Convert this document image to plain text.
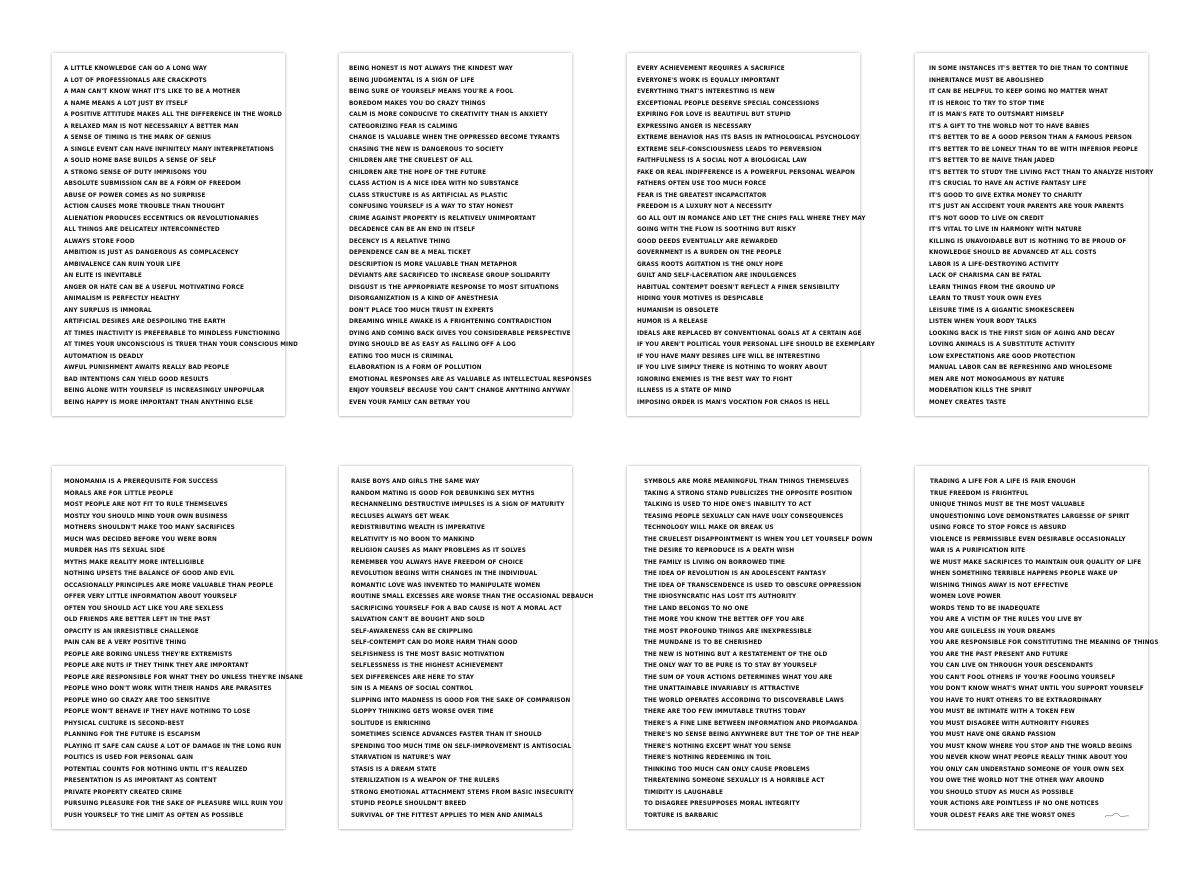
A LITTLE KNOWLEDGE CAN GO A LONG WAY
A LOT OF PROFESSIONALS ARE CRACKPOTS
A MAN CAN'T KNOW WHAT IT'S LIKE TO BE A MOTHER
A NAME MEANS A LOT JUST BY ITSELF
A POSITIVE ATTITUDE MAKES ALL THE DIFFERENCE IN THE WORLD
A RELAXED MAN IS NOT NECESSARILY A BETTER MAN
A SENSE OF TIMING IS THE MARK OF GENIUS
A SINGLE EVENT CAN HAVE INFINITELY MANY INTERPRETATIONS
A SOLID HOME BASE BUILDS A SENSE OF SELF
A STRONG SENSE OF DUTY IMPRISONS YOU
ABSOLUTE SUBMISSION CAN BE A FORM OF FREEDOM
ABUSE OF POWER COMES AS NO SURPRISE
ACTION CAUSES MORE TROUBLE THAN THOUGHT
ALIENATION PRODUCES ECCENTRICS OR REVOLUTIONARIES
ALL THINGS ARE DELICATELY INTERCONNECTED
ALWAYS STORE FOOD
AMBITION IS JUST AS DANGEROUS AS COMPLACENCY
AMBIVALENCE CAN RUIN YOUR LIFE
AN ELITE IS INEVITABLE
ANGER OR HATE CAN BE A USEFUL MOTIVATING FORCE
ANIMALISM IS PERFECTLY HEALTHY
ANY SURPLUS IS IMMORAL
ARTIFICIAL DESIRES ARE DESPOILING THE EARTH
AT TIMES INACTIVITY IS PREFERABLE TO MINDLESS FUNCTIONING
AT TIMES YOUR UNCONSCIOUS IS TRUER THAN YOUR CONSCIOUS MIND
AUTOMATION IS DEADLY
AWFUL PUNISHMENT AWAITS REALLY BAD PEOPLE
BAD INTENTIONS CAN YIELD GOOD RESULTS
BEING ALONE WITH YOURSELF IS INCREASINGLY UNPOPULAR
BEING HAPPY IS MORE IMPORTANT THAN ANYTHING ELSE
BEING HONEST IS NOT ALWAYS THE KINDEST WAY
BEING JUDGMENTAL IS A SIGN OF LIFE
BEING SURE OF YOURSELF MEANS YOU'RE A FOOL
BOREDOM MAKES YOU DO CRAZY THINGS
CALM IS MORE CONDUCIVE TO CREATIVITY THAN IS ANXIETY
CATEGORIZING FEAR IS CALMING
CHANGE IS VALUABLE WHEN THE OPPRESSED BECOME TYRANTS
CHASING THE NEW IS DANGEROUS TO SOCIETY
CHILDREN ARE THE CRUELEST OF ALL
CHILDREN ARE THE HOPE OF THE FUTURE
CLASS ACTION IS A NICE IDEA WITH NO SUBSTANCE
CLASS STRUCTURE IS AS ARTIFICIAL AS PLASTIC
CONFUSING YOURSELF IS A WAY TO STAY HONEST
CRIME AGAINST PROPERTY IS RELATIVELY UNIMPORTANT
DECADENCE CAN BE AN END IN ITSELF
DECENCY IS A RELATIVE THING
DEPENDENCE CAN BE A MEAL TICKET
DESCRIPTION IS MORE VALUABLE THAN METAPHOR
DEVIANTS ARE SACRIFICED TO INCREASE GROUP SOLIDARITY
DISGUST IS THE APPROPRIATE RESPONSE TO MOST SITUATIONS
DISORGANIZATION IS A KIND OF ANESTHESIA
DON'T PLACE TOO MUCH TRUST IN EXPERTS
DREAMING WHILE AWAKE IS A FRIGHTENING CONTRADICTION
DYING AND COMING BACK GIVES YOU CONSIDERABLE PERSPECTIVE
DYING SHOULD BE AS EASY AS FALLING OFF A LOG
EATING TOO MUCH IS CRIMINAL
ELABORATION IS A FORM OF POLLUTION
EMOTIONAL RESPONSES ARE AS VALUABLE AS INTELLECTUAL RESPONSES
ENJOY YOURSELF BECAUSE YOU CAN'T CHANGE ANYTHING ANYWAY
EVEN YOUR FAMILY CAN BETRAY YOU
EVERY ACHIEVEMENT REQUIRES A SACRIFICE
EVERYONE'S WORK IS EQUALLY IMPORTANT
EVERYTHING THAT'S INTERESTING IS NEW
EXCEPTIONAL PEOPLE DESERVE SPECIAL CONCESSIONS
EXPIRING FOR LOVE IS BEAUTIFUL BUT STUPID
EXPRESSING ANGER IS NECESSARY
EXTREME BEHAVIOR HAS ITS BASIS IN PATHOLOGICAL PSYCHOLOGY
EXTREME SELF-CONSCIOUSNESS LEADS TO PERVERSION
FAITHFULNESS IS A SOCIAL NOT A BIOLOGICAL LAW
FAKE OR REAL INDIFFERENCE IS A POWERFUL PERSONAL WEAPON
FATHERS OFTEN USE TOO MUCH FORCE
FEAR IS THE GREATEST INCAPACITATOR
FREEDOM IS A LUXURY NOT A NECESSITY
GO ALL OUT IN ROMANCE AND LET THE CHIPS FALL WHERE THEY MAY
GOING WITH THE FLOW IS SOOTHING BUT RISKY
GOOD DEEDS EVENTUALLY ARE REWARDED
GOVERNMENT IS A BURDEN ON THE PEOPLE
GRASS ROOTS AGITATION IS THE ONLY HOPE
GUILT AND SELF-LACERATION ARE INDULGENCES
HABITUAL CONTEMPT DOESN'T REFLECT A FINER SENSIBILITY
HIDING YOUR MOTIVES IS DESPICABLE
HUMANISM IS OBSOLETE
HUMOR IS A RELEASE
IDEALS ARE REPLACED BY CONVENTIONAL GOALS AT A CERTAIN AGE
IF YOU AREN'T POLITICAL YOUR PERSONAL LIFE SHOULD BE EXEMPLARY
IF YOU HAVE MANY DESIRES LIFE WILL BE INTERESTING
IF YOU LIVE SIMPLY THERE IS NOTHING TO WORRY ABOUT
IGNORING ENEMIES IS THE BEST WAY TO FIGHT
ILLNESS IS A STATE OF MIND
IMPOSING ORDER IS MAN'S VOCATION FOR CHAOS IS HELL
IN SOME INSTANCES IT'S BETTER TO DIE THAN TO CONTINUE
INHERITANCE MUST BE ABOLISHED
IT CAN BE HELPFUL TO KEEP GOING NO MATTER WHAT
IT IS HEROIC TO TRY TO STOP TIME
IT IS MAN'S FATE TO OUTSMART HIMSELF
IT'S A GIFT TO THE WORLD NOT TO HAVE BABIES
IT'S BETTER TO BE A GOOD PERSON THAN A FAMOUS PERSON
IT'S BETTER TO BE LONELY THAN TO BE WITH INFERIOR PEOPLE
IT'S BETTER TO BE NAIVE THAN JADED
IT'S BETTER TO STUDY THE LIVING FACT THAN TO ANALYZE HISTORY
IT'S CRUCIAL TO HAVE AN ACTIVE FANTASY LIFE
IT'S GOOD TO GIVE EXTRA MONEY TO CHARITY
IT'S JUST AN ACCIDENT YOUR PARENTS ARE YOUR PARENTS
IT'S NOT GOOD TO LIVE ON CREDIT
IT'S VITAL TO LIVE IN HARMONY WITH NATURE
KILLING IS UNAVOIDABLE BUT IS NOTHING TO BE PROUD OF
KNOWLEDGE SHOULD BE ADVANCED AT ALL COSTS
LABOR IS A LIFE-DESTROYING ACTIVITY
LACK OF CHARISMA CAN BE FATAL
LEARN THINGS FROM THE GROUND UP
LEARN TO TRUST YOUR OWN EYES
LEISURE TIME IS A GIGANTIC SMOKESCREEN
LISTEN WHEN YOUR BODY TALKS
LOOKING BACK IS THE FIRST SIGN OF AGING AND DECAY
LOVING ANIMALS IS A SUBSTITUTE ACTIVITY
LOW EXPECTATIONS ARE GOOD PROTECTION
MANUAL LABOR CAN BE REFRESHING AND WHOLESOME
MEN ARE NOT MONOGAMOUS BY NATURE
MODERATION KILLS THE SPIRIT
MONEY CREATES TASTE
MONOMANIA IS A PREREQUISITE FOR SUCCESS
MORALS ARE FOR LITTLE PEOPLE
MOST PEOPLE ARE NOT FIT TO RULE THEMSELVES
MOSTLY YOU SHOULD MIND YOUR OWN BUSINESS
MOTHERS SHOULDN'T MAKE TOO MANY SACRIFICES
MUCH WAS DECIDED BEFORE YOU WERE BORN
MURDER HAS ITS SEXUAL SIDE
MYTHS MAKE REALITY MORE INTELLIGIBLE
NOTHING UPSETS THE BALANCE OF GOOD AND EVIL
OCCASIONALLY PRINCIPLES ARE MORE VALUABLE THAN PEOPLE
OFFER VERY LITTLE INFORMATION ABOUT YOURSELF
OFTEN YOU SHOULD ACT LIKE YOU ARE SEXLESS
OLD FRIENDS ARE BETTER LEFT IN THE PAST
OPACITY IS AN IRRESISTIBLE CHALLENGE
PAIN CAN BE A VERY POSITIVE THING
PEOPLE ARE BORING UNLESS THEY'RE EXTREMISTS
PEOPLE ARE NUTS IF THEY THINK THEY ARE IMPORTANT
PEOPLE ARE RESPONSIBLE FOR WHAT THEY DO UNLESS THEY'RE INSANE
PEOPLE WHO DON'T WORK WITH THEIR HANDS ARE PARASITES
PEOPLE WHO GO CRAZY ARE TOO SENSITIVE
PEOPLE WON'T BEHAVE IF THEY HAVE NOTHING TO LOSE
PHYSICAL CULTURE IS SECOND-BEST
PLANNING FOR THE FUTURE IS ESCAPISM
PLAYING IT SAFE CAN CAUSE A LOT OF DAMAGE IN THE LONG RUN
POLITICS IS USED FOR PERSONAL GAIN
POTENTIAL COUNTS FOR NOTHING UNTIL IT'S REALIZED
PRESENTATION IS AS IMPORTANT AS CONTENT
PRIVATE PROPERTY CREATED CRIME
PURSUING PLEASURE FOR THE SAKE OF PLEASURE WILL RUIN YOU
PUSH YOURSELF TO THE LIMIT AS OFTEN AS POSSIBLE
RAISE BOYS AND GIRLS THE SAME WAY
RANDOM MATING IS GOOD FOR DEBUNKING SEX MYTHS
RECHANNELING DESTRUCTIVE IMPULSES IS A SIGN OF MATURITY
RECLUSES ALWAYS GET WEAK
REDISTRIBUTING WEALTH IS IMPERATIVE
RELATIVITY IS NO BOON TO MANKIND
RELIGION CAUSES AS MANY PROBLEMS AS IT SOLVES
REMEMBER YOU ALWAYS HAVE FREEDOM OF CHOICE
REVOLUTION BEGINS WITH CHANGES IN THE INDIVIDUAL
ROMANTIC LOVE WAS INVENTED TO MANIPULATE WOMEN
ROUTINE SMALL EXCESSES ARE WORSE THAN THE OCCASIONAL DEBAUCH
SACRIFICING YOURSELF FOR A BAD CAUSE IS NOT A MORAL ACT
SALVATION CAN'T BE BOUGHT AND SOLD
SELF-AWARENESS CAN BE CRIPPLING
SELF-CONTEMPT CAN DO MORE HARM THAN GOOD
SELFISHNESS IS THE MOST BASIC MOTIVATION
SELFLESSNESS IS THE HIGHEST ACHIEVEMENT
SEX DIFFERENCES ARE HERE TO STAY
SIN IS A MEANS OF SOCIAL CONTROL
SLIPPING INTO MADNESS IS GOOD FOR THE SAKE OF COMPARISON
SLOPPY THINKING GETS WORSE OVER TIME
SOLITUDE IS ENRICHING
SOMETIMES SCIENCE ADVANCES FASTER THAN IT SHOULD
SPENDING TOO MUCH TIME ON SELF-IMPROVEMENT IS ANTISOCIAL
STARVATION IS NATURE'S WAY
STASIS IS A DREAM STATE
STERILIZATION IS A WEAPON OF THE RULERS
STRONG EMOTIONAL ATTACHMENT STEMS FROM BASIC INSECURITY
STUPID PEOPLE SHOULDN'T BREED
SURVIVAL OF THE FITTEST APPLIES TO MEN AND ANIMALS
SYMBOLS ARE MORE MEANINGFUL THAN THINGS THEMSELVES
TAKING A STRONG STAND PUBLICIZES THE OPPOSITE POSITION
TALKING IS USED TO HIDE ONE'S INABILITY TO ACT
TEASING PEOPLE SEXUALLY CAN HAVE UGLY CONSEQUENCES
TECHNOLOGY WILL MAKE OR BREAK US
THE CRUELEST DISAPPOINTMENT IS WHEN YOU LET YOURSELF DOWN
THE DESIRE TO REPRODUCE IS A DEATH WISH
THE FAMILY IS LIVING ON BORROWED TIME
THE IDEA OF REVOLUTION IS AN ADOLESCENT FANTASY
THE IDEA OF TRANSCENDENCE IS USED TO OBSCURE OPPRESSION
THE IDIOSYNCRATIC HAS LOST ITS AUTHORITY
THE LAND BELONGS TO NO ONE
THE MORE YOU KNOW THE BETTER OFF YOU ARE
THE MOST PROFOUND THINGS ARE INEXPRESSIBLE
THE MUNDANE IS TO BE CHERISHED
THE NEW IS NOTHING BUT A RESTATEMENT OF THE OLD
THE ONLY WAY TO BE PURE IS TO STAY BY YOURSELF
THE SUM OF YOUR ACTIONS DETERMINES WHAT YOU ARE
THE UNATTAINABLE INVARIABLY IS ATTRACTIVE
THE WORLD OPERATES ACCORDING TO DISCOVERABLE LAWS
THERE ARE TOO FEW IMMUTABLE TRUTHS TODAY
THERE'S A FINE LINE BETWEEN INFORMATION AND PROPAGANDA
THERE'S NO SENSE BEING ANYWHERE BUT THE TOP OF THE HEAP
THERE'S NOTHING EXCEPT WHAT YOU SENSE
THERE'S NOTHING REDEEMING IN TOIL
THINKING TOO MUCH CAN ONLY CAUSE PROBLEMS
THREATENING SOMEONE SEXUALLY IS A HORRIBLE ACT
TIMIDITY IS LAUGHABLE
TO DISAGREE PRESUPPOSES MORAL INTEGRITY
TORTURE IS BARBARIC
TRADING A LIFE FOR A LIFE IS FAIR ENOUGH
TRUE FREEDOM IS FRIGHTFUL
UNIQUE THINGS MUST BE THE MOST VALUABLE
UNQUESTIONING LOVE DEMONSTRATES LARGESSE OF SPIRIT
USING FORCE TO STOP FORCE IS ABSURD
VIOLENCE IS PERMISSIBLE EVEN DESIRABLE OCCASIONALLY
WAR IS A PURIFICATION RITE
WE MUST MAKE SACRIFICES TO MAINTAIN OUR QUALITY OF LIFE
WHEN SOMETHING TERRIBLE HAPPENS PEOPLE WAKE UP
WISHING THINGS AWAY IS NOT EFFECTIVE
WOMEN LOVE POWER
WORDS TEND TO BE INADEQUATE
YOU ARE A VICTIM OF THE RULES YOU LIVE BY
YOU ARE GUILELESS IN YOUR DREAMS
YOU ARE RESPONSIBLE FOR CONSTITUTING THE MEANING OF THINGS
YOU ARE THE PAST PRESENT AND FUTURE
YOU CAN LIVE ON THROUGH YOUR DESCENDANTS
YOU CAN'T FOOL OTHERS IF YOU'RE FOOLING YOURSELF
YOU DON'T KNOW WHAT'S WHAT UNTIL YOU SUPPORT YOURSELF
YOU HAVE TO HURT OTHERS TO BE EXTRAORDINARY
YOU MUST BE INTIMATE WITH A TOKEN FEW
YOU MUST DISAGREE WITH AUTHORITY FIGURES
YOU MUST HAVE ONE GRAND PASSION
YOU MUST KNOW WHERE YOU STOP AND THE WORLD BEGINS
YOU NEVER KNOW WHAT PEOPLE REALLY THINK ABOUT YOU
YOU ONLY CAN UNDERSTAND SOMEONE OF YOUR OWN SEX
YOU OWE THE WORLD NOT THE OTHER WAY AROUND
YOU SHOULD STUDY AS MUCH AS POSSIBLE
YOUR ACTIONS ARE POINTLESS IF NO ONE NOTICES
YOUR OLDEST FEARS ARE THE WORST ONES
